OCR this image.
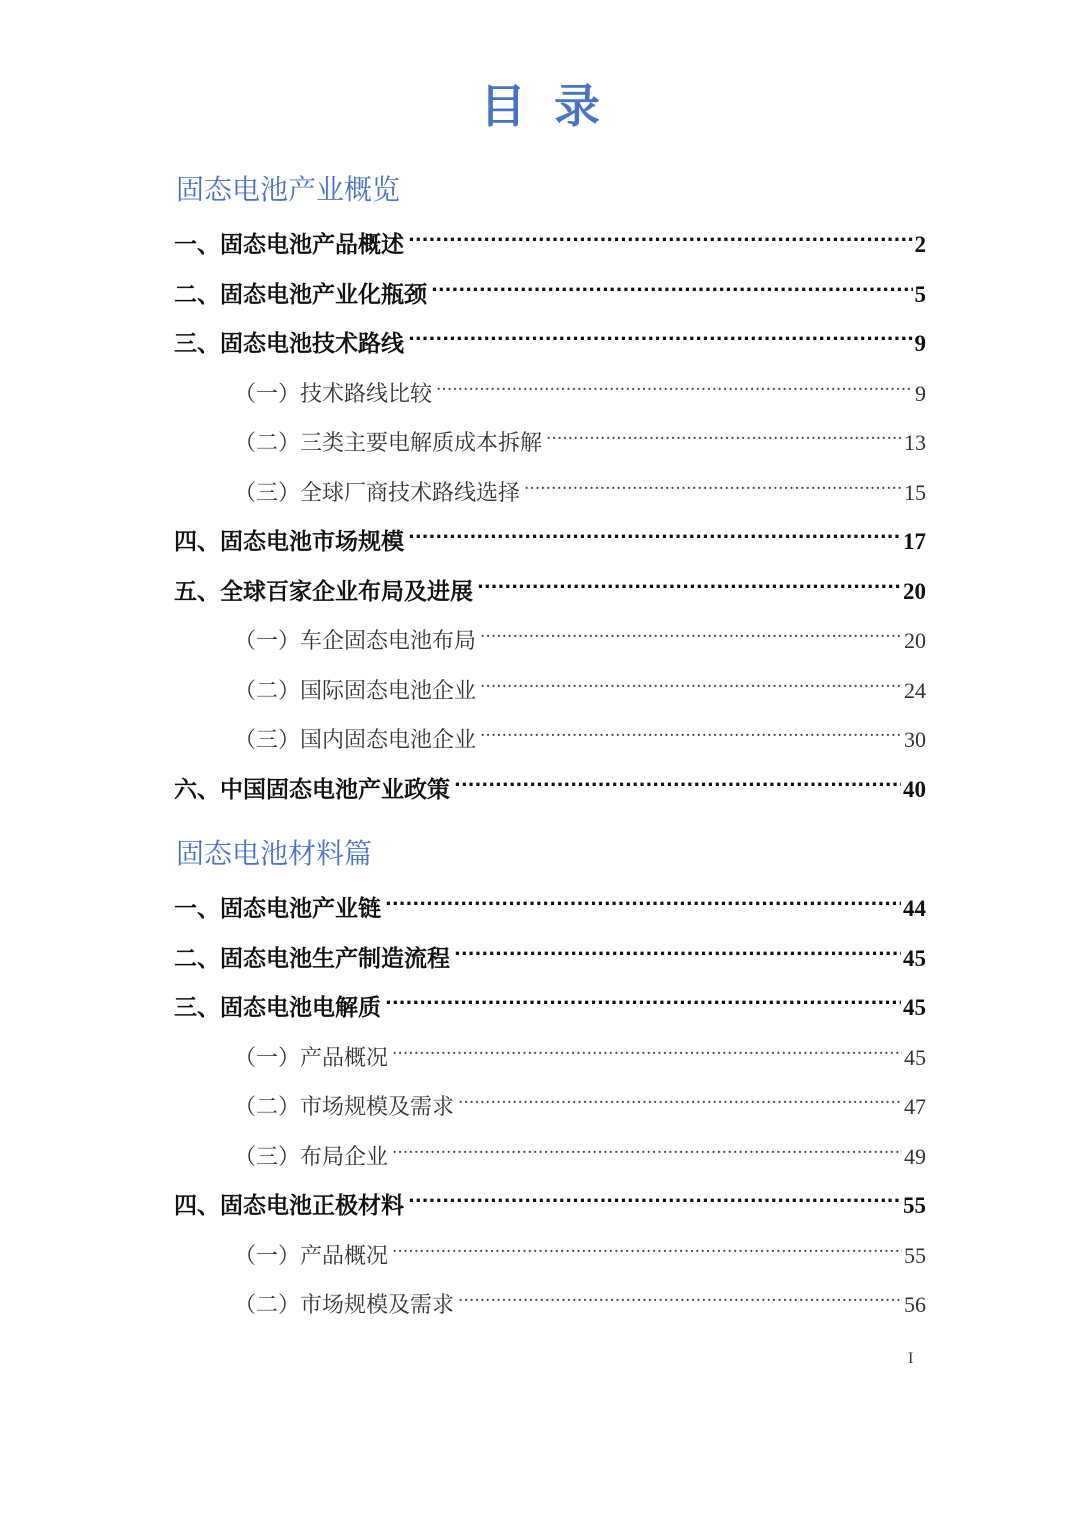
目录
固态电池产业概览
一、固态电池产品概述 .....	2
二、固态电池产业化瓶颈 .....	5
三、固态电池技术路线 .....	9
（一）技术路线比较 .....	9
（二）三类主要电解质成本拆解 .....	13
（三）全球厂商技术路线选择 .....	15
四、固态电池市场规模 .....	17
五、全球百家企业布局及进展 .....	20
（一）车企固态电池布局 .....	20
（二）国际固态电池企业 .....	24
（三）国内固态电池企业 .....	30
六、中国固态电池产业政策 .....	40
固态电池材料篇
一、固态电池产业链 .....	44
二、固态电池生产制造流程 .....	45
三、固态电池电解质 .....	45
（一）产品概况 .....	45
（二）市场规模及需求 .....	47
（三）布局企业 .....	49
四、固态电池正极材料 .....	55
（一）产品概况 .....	55
（二）市场规模及需求 .....	56
I
